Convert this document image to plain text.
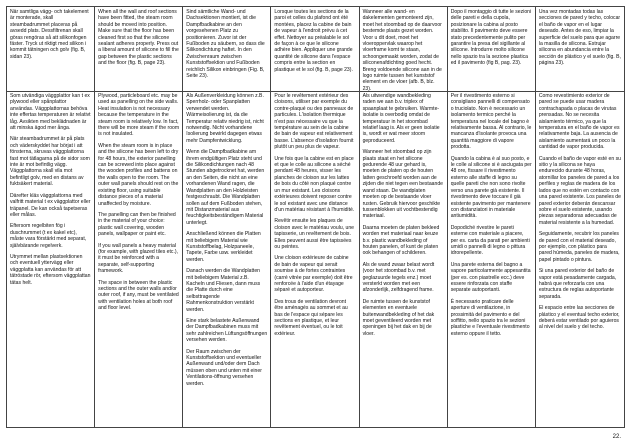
När samtliga vägg- och takelement är monterade, skall steambadrummet placeras på avsedd plats. Dessfiltrenan skall göras rengöras så att silikonfogen fäster. Tryck ut riktigt med silikon i kommit tätningen och golv (fig. B, sidan 23).

When all the wall and roof sections have been fitted, the steam room should be moved into position. Make sure that the floor has been cleaned first so that the silicone sealant adheres properly. Press out a liberal amount of silicone to fill the gap between the plastic sections and the floor (fig. B, page 23).

Sind sämtliche Wand- und Dachsektionen montiert, ist die Dampfbadkabine an den vorgesehenen Platz zu positionieren. Zuvor ist der Fußboden zu säubern, so dass die Silikondichtung haftet. In den Zwischenraum zwischen Kunststoffsektion und Fußboden reichlich Silikon einbringen (Fig. B, Seite 23).

Lorsque toutes les sections de la paroi et celles du plafond ont été montées, placez la cabine de bain de vapeur à l'endroit prévu à cet effet. Nettoyer au préalable le sol de façon à ce que le silicone adhère bien. Appliquer une grande quantité de silicone dans l'espace compris entre la section en plastique et le sol (fig. B, page 23).

Wanneer alle wand- en dakelementen gemonteerd zijn, moet het stoombad op de daarvoor bestemde plaats gezet worden. Voor u dit doet, moet het vloeroppervlak waarop het vloerframe komt te staan, schoongemaakt worden, zodat de siliconenafdichting goed hecht. Breng voldoende silicone aan in de logo ruimte tussen het kunststof element en de vloer (afb. B, blz. 23).

Dopo il montaggio di tutte le sezioni delle pareti e della cupola, posizionare la cabina al posto stabilito. Il pavimento deve essere stato precedentemente pulito per garantire la presa del sigillante al silicone. Introdurre molto silicone nello spazio tra la sezione plastica ed il pavimento (fig B, pag. 23).

Una vez montadas todas las secciones de pared y techo, colocar el baño de vapor en el lugar deseado. Antes de eso, limpiar la superficie del suelo para que agarre la masilla de silicona. Estrujar silicona en abundancia entre la sección de plástico y el suelo (fig. B, página 23).

Som utvändiga väggplattor kan t ex plywood eller spånplattor användas. Väggplattornas behöva inte effertas temperaturen är relativt låg. Avsikten med beklädnaden är att minska ägod mer ånga.

När steambadrummet är på plats och väderskyddet har börjat i att fönsterna, skruvas väggplattorna fast mot tätlagarna på de sidor som inte är mot befintlig vägg. Väggplattorna skall vila mot befintligt golv, med en distans av fuktsäkert material.

Därefter kläs väggplattorna med valfritt material t ex väggplattor eller träpanel. De kan också tapetseras eller målas.

Eftersom regelbiten fög i duschrummet (t ex kakel etc), måste vara förstärkt med separat, självbärande regelverk.

Utrymmet mellan plastsektionen och eventuell yttervägg eller väggplatta kan användas för att tätröstade rör, eftersom väggplattan tätas helt.

Plywood, particleboard etc. may be used as panelling on the side walls. Heat insulation is not necessary because the temperature in the steam room is relatively low. In fact, there will be more steam if the room is not insulated.

When the steam room is in place and the silicone has been left to dry for 48 hours, the exterior panelling can be screwed into place against the wooden profiles and battens on the walls open to the room. The outer wall panels should rest on the existing floor, using suitable distance pieces of a material unaffected by moisture.

The panelling can then be finished in the material of your choice: plastic wall covering, wooden panels, wallpaper or paint etc.

If you wall panels a heavy material (for example, with glazed tiles etc.), it must be reinforced with a separate, self-supporting framework.

The space in between the plastic sections and the outer walls and/or outer roof, if any, must be ventilated with ventilation holes at both roof and floor level.

Als Außenverkleidung können z.B. Sperrholz- oder Spanplatten verwendet werden. Wärmeisolierung ist, da die Temperatur relativ niedrig ist, nicht notwendig. Nicht vorhandene Isolierung bewirkt dagegen etwas mehr Dampfentwicklung.

Wenn die Dampfbadkabine am ihrem endgültigen Platz steht und die Silikondichtungen nach 48 Stunden abgetrocknet hat, werden an den Seiten, die nicht an eine vorhandenen Wand ragen, die Wandplatten an den Holzleisten festgeschraubt. Die Wandplatten sollen auf dem Fußboden stehen, mit Distanzmaterial aus feuchtigkeitsbeständigem Material unterlegt.

Anschließend können die Platten mit beliebigem Material wie Kunststoffbelag, Holzpaneele, Tapete, Farbe usw. verkleidet werden.

Danach werden die Wandplatten mit beliebigem Material z.B. Kacheln und Fliesen, dann muss die Platte durch eine selbsttragende Rahmenkonstruktion verstärkt werden.

Eine stark belastete Außenwand der Dampfbadkabinen muss mit sehr zahlreichen Lüftungsöffnungen versehen werden.

Der Raum zwischen der Kunststoffsektion und eventueller Außenwand und/oder dem Dach müssen oben und unten mit einer Ventilations-öffnung versehen werden.

Pour le revêtement extérieur des cloisons, utiliser par exemple du contre-plaqué ou des panneaux de particules. L'isolation thermique n'est pas nécessaire vu que la température au sein de la cabine de bain de vapeur est relativement basse. L'absence d'isolation fournit plutôt un peu plus de vapeur.

Une fois que la cabine est en place et que le colle au silicone a séché pendant 48 heures, visser les planches de cloison sur les lattes de bois du côté non plaqué contre un mur existant. Les cloisons extérieures doivent reposer contre le sol existant avec une distance d'un matériau résistant à l'humidité.

Revêtir ensuite les plaques de cloison avec le matériau voulu, une tapisserie, un revêtement de bois. Elles peuvent aussi être tapissées ou peintes.

Une cloison extérieure de cabine de bain de vapeur qui serait soumise à de fortes contraintes (carré vitrée par exemple) doit être renforcée à l'aide d'un étayage séparé et autoporteur.

Des trous de ventilation devront être aménagés au sommet et au bas de l'espace qui sépare les sections en plastique, et leur revêtement éventuel, ou le toit extérieur.

Als uitwendige wandbekleding raden we aan b.v. triplex of spaanplaat te gebruiken. Warmte-isolatie is overbodig omdat de temperatuur in het stoombad relatief laag is. Als er geen isolatie is, wordt er wat meer stoom geproduceerd.

Wanneer het stoombad op zijn plaats staat en het silicone gedurende 48 uur gehard is, moeten de platen op de houten latten geschroefd worden aan de zijden die niet tegen een bestaande wand staan. De wandplaten moeten op de bestaande vloer rusten. Gebruik hiervoor geschikte tussenblokken uit vochtbestendig materiaal.

Daarna moeten de platen bekleed worden met materiaal naar keuze b.v. plastic wandbekleding of houten panelen, of kunt de platen ook behangen of schilderen.

Als de wand zwaar belast wordt (voor het stoombad b.v. met geglazuurde tegels enz.) moet versterkt worden met een afzonderlijk, zelfdragend frame.

De ruimte tussen de kunststof elementen en eventuele buitenwandbekleding of het dak moet geventileerd worden met openingen bij het dak en bij de vloer.

Per il rivestimento esterno si consigliano pannelli di compensato o truciolato. Non è necessario un isolamento termico perché la temperatura nel locale del bagno è relativamente bassa. Al contrario, le mancanza d'isolante provoca una quantità maggiore di vapore prodotta.

Quando la cabina è al suo posto, e le colle al silicone si è asciugata per 48 ore, fissare il rivestimento esterno alle staffe di legno su quelle pareti che non sono rivolte verso una parete già esistente. Il rivestimento deve toccare il già esistente pavimento per mantenere con distanziatori in materiale antiumidità.

Dopodiché rivestire le pareti esterne con materiale a piacere, per es. carta da parati per ambienti umidi o pannelli di legno o pittura idrorepellente.

Una parete esterna del bagno a vapore particolarmente appesantita (per es. con piastrelle ecc.) deve essere rinforzata con staffe separate autoportanti.

È necessario praticare delle aperture di ventilazione, in prossimità del pavimento e del soffitto, nello spazio tra le sezioni plastiche e l'eventuale rivestimento esterno oppure il tetto.

Como revestimiento exterior de pared se puede usar madera contrachapada o placas de virutas prensadas. No se necesita aislamiento térmico, ya que la temperatura en el baño de vapor es relativamente baja. La ausencia de aislamiento aumentará un poco la cantidad de vapor producida.

Cuando el baño de vapor esté en su sitio y la silicona se haya endurecido durante 48 horas, atornillar los paneles de pared a los perfiles y reglas de madera de los lados que no estén en contacto con una pared existente. Los paneles de pared exterior deberán descansar sobre el suelo existente, usando piezas separadoras adecuadas de material resistente a la humedad.

Seguidamente, recubrir los paneles de pared con el material deseado, por ejemplo, con plástico para pared húmeda, paneles de madera, papel pintado o pintura.

Si una pared exterior del baño de vapor está pesadamente cargada, habrá que reforzarla con una estructura de reglas autoportante separada.

El espacio entre las secciones de plástico y el eventual techo exterior, deberá estar ventilado por aguieros al nivel del suelo y del techo.

22.
